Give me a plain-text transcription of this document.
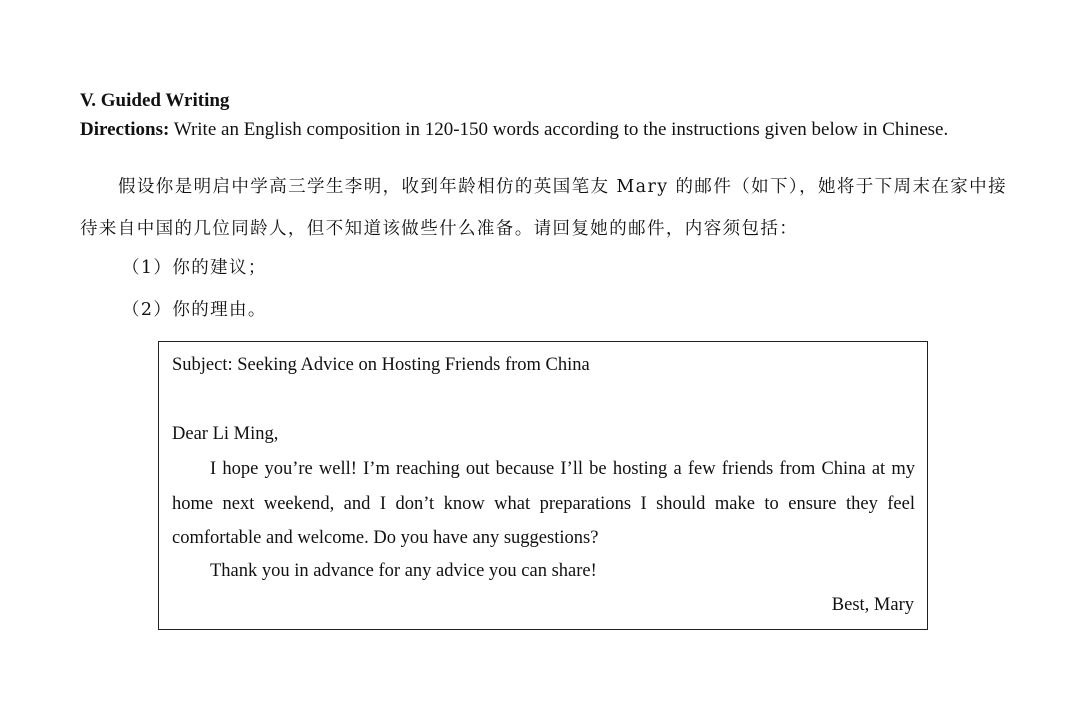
V. Guided Writing
Directions: Write an English composition in 120-150 words according to the instructions given below in Chinese.
假设你是明启中学高三学生李明，收到年龄相仿的英国笔友 Mary 的邮件（如下），她将于下周末在家中接待来自中国的几位同龄人，但不知道该做些什么准备。请回复她的邮件，内容须包括：
（1）你的建议；
（2）你的理由。
Subject: Seeking Advice on Hosting Friends from China
Dear Li Ming,
I hope you’re well! I’m reaching out because I’ll be hosting a few friends from China at my home next weekend, and I don’t know what preparations I should make to ensure they feel comfortable and welcome. Do you have any suggestions?
Thank you in advance for any advice you can share!
Best, Mary
